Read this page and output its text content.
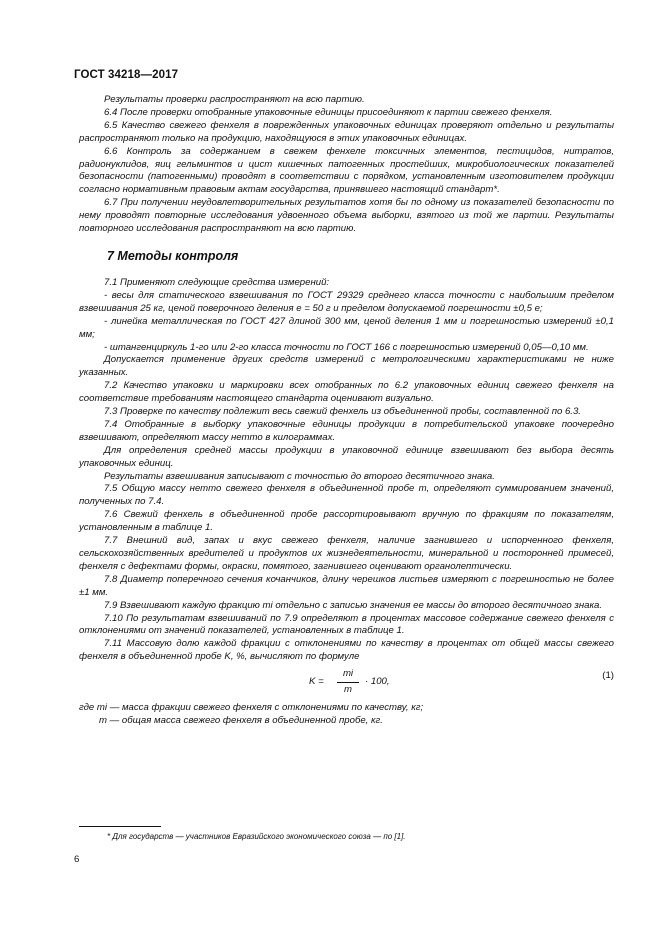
ГОСТ 34218—2017

Результаты проверки распространяют на всю партию.

6.4 После проверки отобранные упаковочные единицы присоединяют к партии свежего фенхеля.

6.5 Качество свежего фенхеля в поврежденных упаковочных единицах проверяют отдельно и результаты распространяют только на продукцию, находящуюся в этих упаковочных единицах.

6.6 Контроль за содержанием в свежем фенхеле токсичных элементов, пестицидов, нитратов, радионуклидов, яиц гельминтов и цист кишечных патогенных простейших, микробиологических показателей безопасности (патогенными) проводят в соответствии с порядком, установленным изготовителем продукции согласно нормативным правовым актам государства, принявшего настоящий стандарт*.

6.7 При получении неудовлетворительных результатов хотя бы по одному из показателей безопасности по нему проводят повторные исследования удвоенного объема выборки, взятого из той же партии. Результаты повторного исследования распространяют на всю партию.

7 Методы контроля

7.1 Применяют следующие средства измерений:

- весы для статического взвешивания по ГОСТ 29329 среднего класса точности с наибольшим пределом взвешивания 25 кг, ценой поверочного деления e = 50 г и пределом допускаемой погрешности ±0,5 e;

- линейка металлическая по ГОСТ 427 длиной 300 мм, ценой деления 1 мм и погрешностью измерений ±0,1 мм;

- штангенциркуль 1-го или 2-го класса точности по ГОСТ 166 с погрешностью измерений 0,05—0,10 мм.

Допускается применение других средств измерений с метрологическими характеристиками не ниже указанных.

7.2 Качество упаковки и маркировки всех отобранных по 6.2 упаковочных единиц свежего фенхеля на соответствие требованиям настоящего стандарта оценивают визуально.

7.3 Проверке по качеству подлежит весь свежий фенхель из объединенной пробы, составленной по 6.3.

7.4 Отобранные в выборку упаковочные единицы продукции в потребительской упаковке поочередно взвешивают, определяют массу нетто в килограммах.

Для определения средней массы продукции в упаковочной единице взвешивают без выбора десять упаковочных единиц.

Результаты взвешивания записывают с точностью до второго десятичного знака.

7.5 Общую массу нетто свежего фенхеля в объединенной пробе m, определяют суммированием значений, полученных по 7.4.

7.6 Свежий фенхель в объединенной пробе рассортировывают вручную по фракциям по показателям, установленным в таблице 1.

7.7 Внешний вид, запах и вкус свежего фенхеля, наличие загнившего и испорченного фенхеля, сельскохозяйственных вредителей и продуктов их жизнедеятельности, минеральной и посторонней примесей, фенхеля с дефектами формы, окраски, помятого, загнившего оценивают органолептически.

7.8 Диаметр поперечного сечения кочанчиков, длину черешков листьев измеряют с погрешностью не более ±1 мм.

7.9 Взвешивают каждую фракцию mi отдельно с записью значения ее массы до второго десятичного знака.

7.10 По результатам взвешиваний по 7.9 определяют в процентах массовое содержание свежего фенхеля с отклонениями от значений показателей, установленных в таблице 1.

7.11 Массовую долю каждой фракции с отклонениями по качеству в процентах от общей массы свежего фенхеля в объединенной пробе K, %, вычисляют по формуле

$K = \frac{mi}{m} \cdot 100$,
(1)

где mi — масса фракции свежего фенхеля с отклонениями по качеству, кг;

m — общая масса свежего фенхеля в объединенной пробе, кг.

* Для государств — участников Евразийского экономического союза — по [1].
6
